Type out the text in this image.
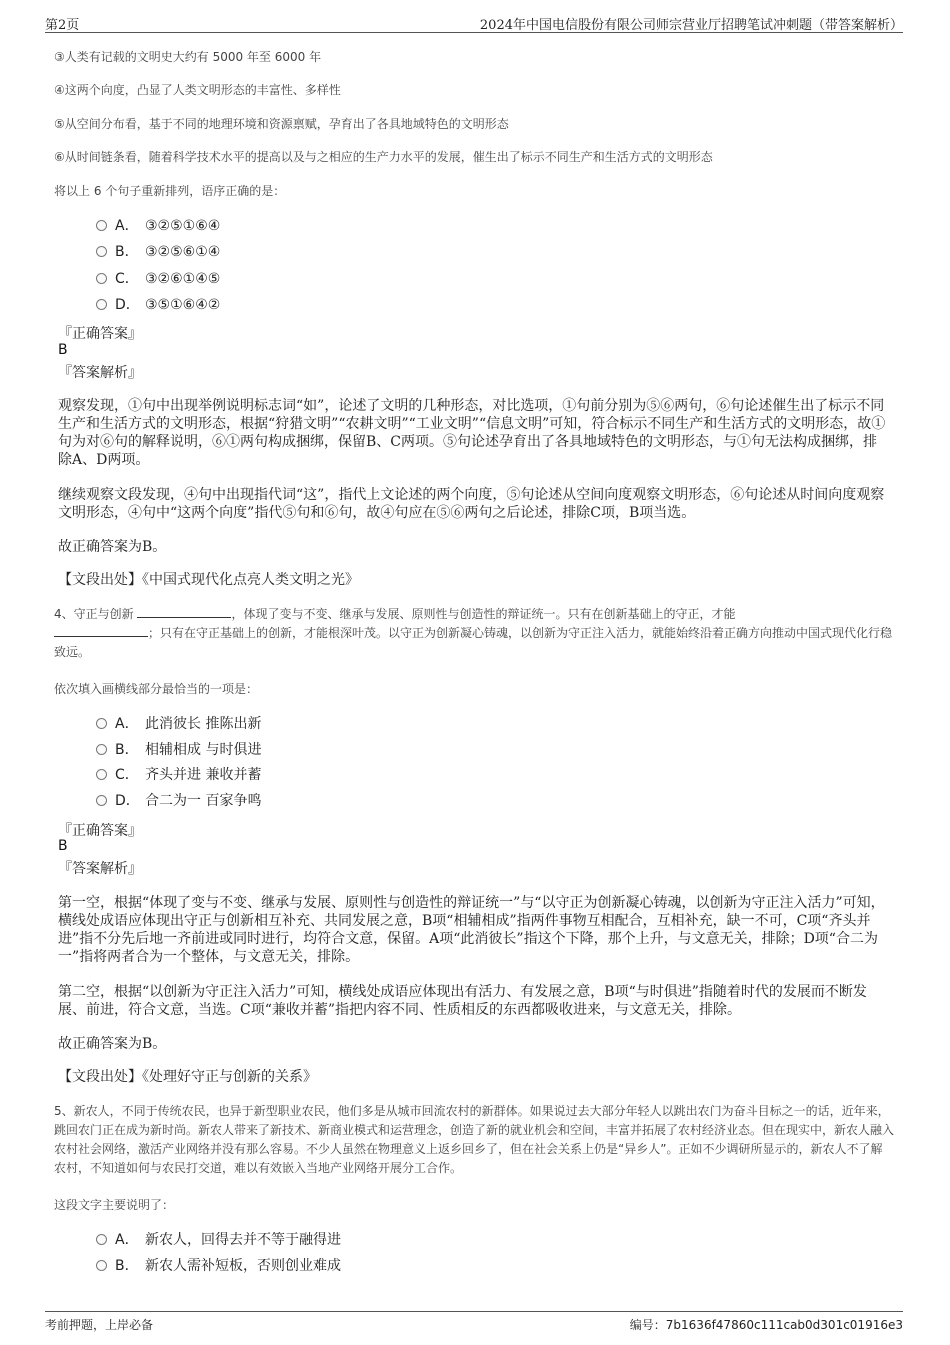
第2页	2024年中国电信股份有限公司师宗营业厅招聘笔试冲刺题（带答案解析）
③人类有记载的文明史大约有 5000 年至 6000 年
④这两个向度，凸显了人类文明形态的丰富性、多样性
⑤从空间分布看，基于不同的地理环境和资源禀赋，孕育出了各具地域特色的文明形态
⑥从时间链条看，随着科学技术水平的提高以及与之相应的生产力水平的发展，催生出了标示不同生产和生活方式的文明形态
将以上 6 个句子重新排列，语序正确的是：
A． ③②⑤①⑥④
B． ③②⑤⑥①④
C． ③②⑥①④⑤
D． ③⑤①⑥④②
『正确答案』
B
『答案解析』
观察发现，①句中出现举例说明标志词“如”，论述了文明的几种形态，对比选项，①句前分别为⑤⑥两句，⑥句论述催生出了标示不同生产和生活方式的文明形态，根据“狩猎文明”“农耕文明”“工业文明”“信息文明”可知，符合标示不同生产和生活方式的文明形态，故①句为对⑥句的解释说明，⑥①两句构成捆绑，保留B、C两项。⑤句论述孕育出了各具地域特色的文明形态，与①句无法构成捆绑，排除A、D两项。
继续观察文段发现，④句中出现指代词“这”，指代上文论述的两个向度，⑤句论述从空间向度观察文明形态，⑥句论述从时间向度观察文明形态，④句中“这两个向度”指代⑤句和⑥句，故④句应在⑤⑥两句之后论述，排除C项，B项当选。
故正确答案为B。
【文段出处】《中国式现代化点亮人类文明之光》
4、守正与创新	，体现了变与不变、继承与发展、原则性与创造性的辩证统一。只有在创新基础上的守正，才能
；只有在守正基础上的创新，才能根深叶茂。以守正为创新凝心铸魂，以创新为守正注入活力，就能始终沿着正确方向推动中国式现代化行稳致远。
依次填入画横线部分最恰当的一项是：
A． 此消彼长 推陈出新
B． 相辅相成 与时俱进
C． 齐头并进 兼收并蓄
D． 合二为一 百家争鸣
『正确答案』
B
『答案解析』
第一空，根据“体现了变与不变、继承与发展、原则性与创造性的辩证统一”与“以守正为创新凝心铸魂，以创新为守正注入活力”可知，横线处成语应体现出守正与创新相互补充、共同发展之意，B项“相辅相成”指两件事物互相配合，互相补充，缺一不可，C项“齐头并进”指不分先后地一齐前进或同时进行，均符合文意，保留。A项“此消彼长”指这个下降，那个上升，与文意无关，排除；D项“合二为一”指将两者合为一个整体，与文意无关，排除。
第二空，根据“以创新为守正注入活力”可知，横线处成语应体现出有活力、有发展之意，B项“与时俱进”指随着时代的发展而不断发展、前进，符合文意，当选。C项“兼收并蓄”指把内容不同、性质相反的东西都吸收进来，与文意无关，排除。
故正确答案为B。
【文段出处】《处理好守正与创新的关系》
5、新农人，不同于传统农民，也异于新型职业农民，他们多是从城市回流农村的新群体。如果说过去大部分年轻人以跳出农门为奋斗目标之一的话，近年来，跳回农门正在成为新时尚。新农人带来了新技术、新商业模式和运营理念，创造了新的就业机会和空间，丰富并拓展了农村经济业态。但在现实中，新农人融入农村社会网络，激活产业网络并没有那么容易。不少人虽然在物理意义上返乡回乡了，但在社会关系上仍是“异乡人”。正如不少调研所显示的，新农人不了解农村，不知道如何与农民打交道，难以有效嵌入当地产业网络开展分工合作。
这段文字主要说明了：
A． 新农人，回得去并不等于融得进
B． 新农人需补短板，否则创业难成
考前押题，上岸必备	编号：7b1636f47860c111cab0d301c01916e3
